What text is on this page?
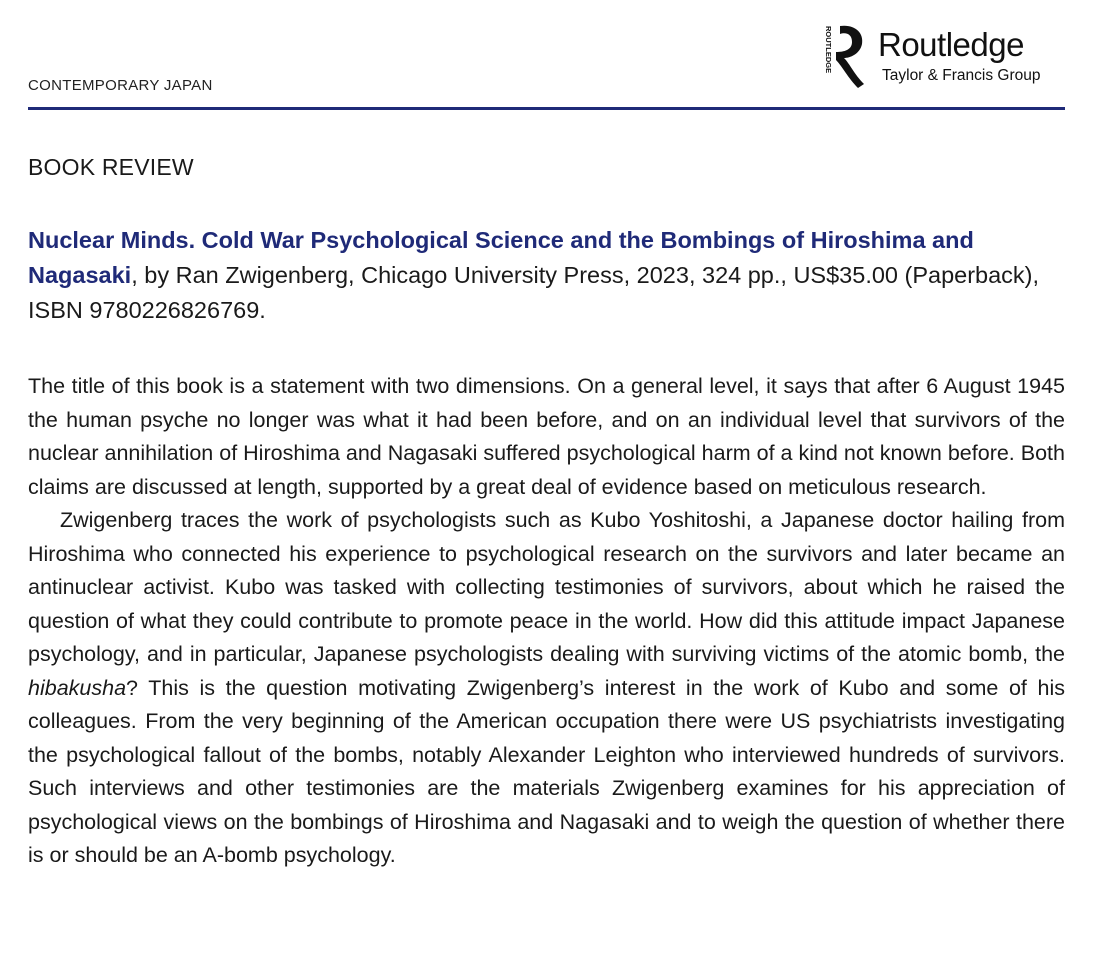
CONTEMPORARY JAPAN
ROUTLEDGE Routledge
Taylor & Francis Group
BOOK REVIEW
Nuclear Minds. Cold War Psychological Science and the Bombings of Hiroshima and Nagasaki, by Ran Zwigenberg, Chicago University Press, 2023, 324 pp., US$35.00 (Paperback), ISBN 9780226826769.

The title of this book is a statement with two dimensions. On a general level, it says that after 6 August 1945 the human psyche no longer was what it had been before, and on an individual level that survivors of the nuclear annihilation of Hiroshima and Nagasaki suffered psychological harm of a kind not known before. Both claims are discussed at length, supported by a great deal of evidence based on meticulous research.

Zwigenberg traces the work of psychologists such as Kubo Yoshitoshi, a Japanese doctor hailing from Hiroshima who connected his experience to psychological research on the survivors and later became an antinuclear activist. Kubo was tasked with collecting testimonies of survivors, about which he raised the question of what they could contribute to promote peace in the world. How did this attitude impact Japanese psychology, and in particular, Japanese psychologists dealing with surviving victims of the atomic bomb, the hibakusha? This is the question motivating Zwigenberg’s interest in the work of Kubo and some of his colleagues. From the very beginning of the American occupation there were US psychiatrists investigating the psychological fallout of the bombs, notably Alexander Leighton who interviewed hundreds of survivors. Such interviews and other testimonies are the materials Zwigenberg examines for his appreciation of psychological views on the bombings of Hiroshima and Nagasaki and to weigh the question of whether there is or should be an A-bomb psychology.
